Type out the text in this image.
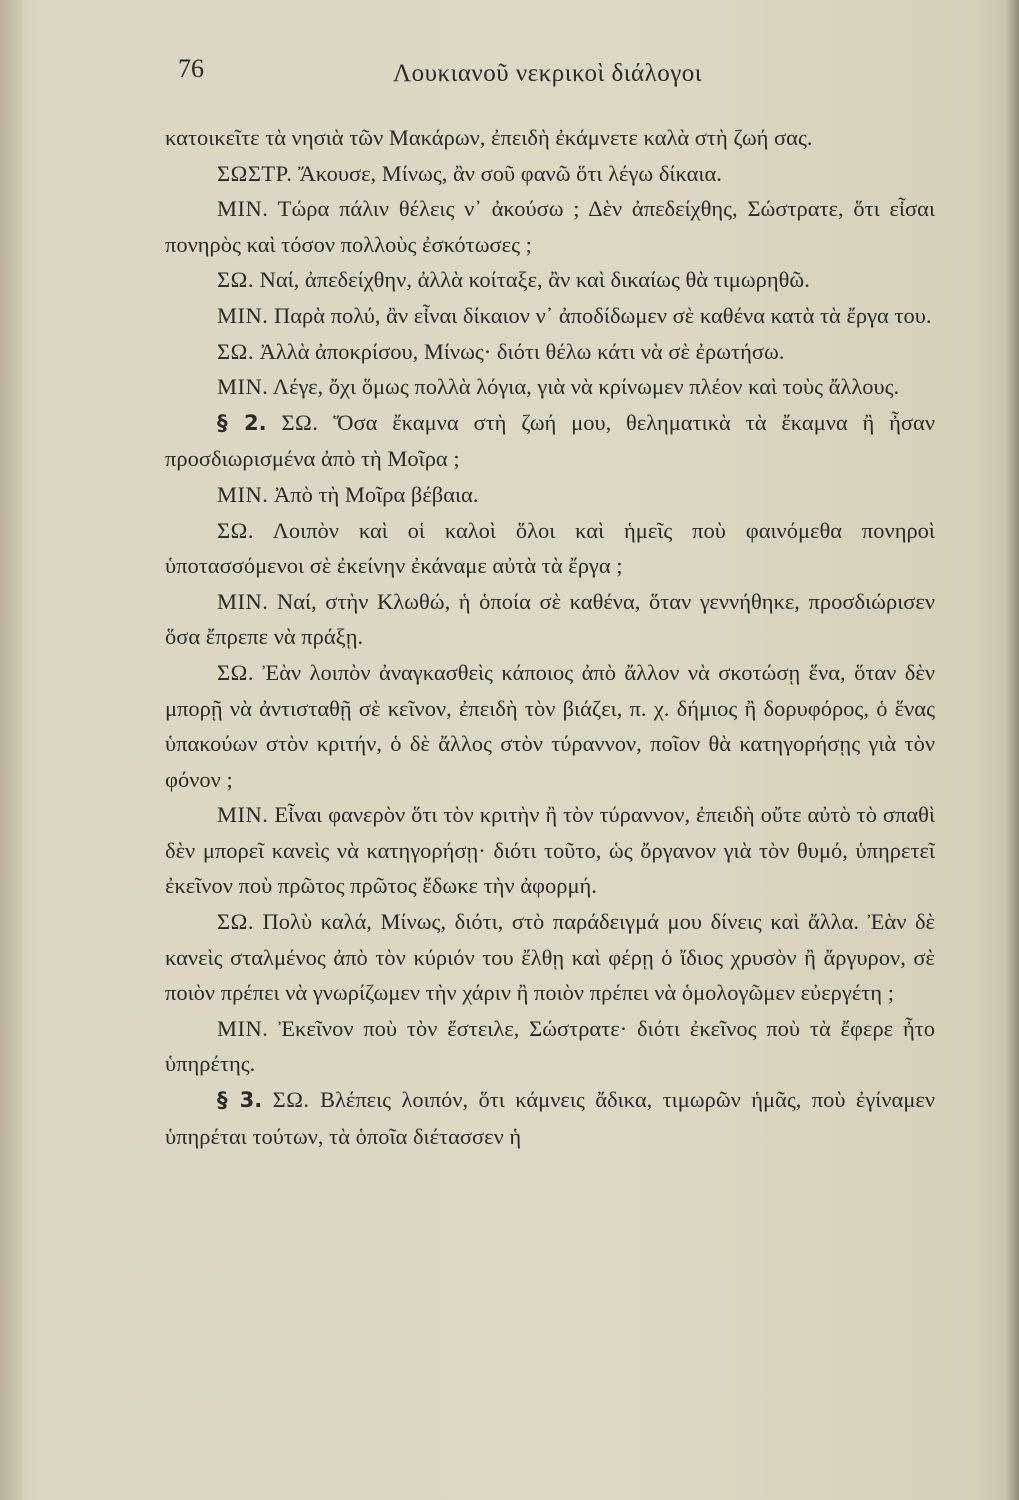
76	Λουκιανοῦ νεκρικοὶ διάλογοι

κατοικεῖτε τὰ νησιὰ τῶν Μακάρων, ἐπειδὴ ἐκάμνετε καλὰ στὴ ζωή σας.

ΣΩΣΤΡ. Ἄκουσε, Μίνως, ἂν σοῦ φανῶ ὅτι λέγω δίκαια.

ΜΙΝ. Τώρα πάλιν θέλεις ν᾽ ἀκούσω ; Δὲν ἀπεδείχθης, Σώστρατε, ὅτι εἶσαι πονηρὸς καὶ τόσον πολλοὺς ἐσκότωσες ;

ΣΩ. Ναί, ἀπεδείχθην, ἀλλὰ κοίταξε, ἂν καὶ δικαίως θὰ τιμωρηθῶ.

ΜΙΝ. Παρὰ πολύ, ἂν εἶναι δίκαιον ν᾽ ἀποδίδωμεν σὲ καθένα κατὰ τὰ ἔργα του.

ΣΩ. Ἀλλὰ ἀποκρίσου, Μίνως· διότι θέλω κάτι νὰ σὲ ἐρωτήσω.

ΜΙΝ. Λέγε, ὄχι ὅμως πολλὰ λόγια, γιὰ νὰ κρίνωμεν πλέον καὶ τοὺς ἄλλους.

§ 2. ΣΩ. Ὅσα ἔκαμνα στὴ ζωή μου, θεληματικὰ τὰ ἔκαμνα ἢ ἦσαν προσδιωρισμένα ἀπὸ τὴ Μοῖρα ;

ΜΙΝ. Ἀπὸ τὴ Μοῖρα βέβαια.

ΣΩ. Λοιπὸν καὶ οἱ καλοὶ ὅλοι καὶ ἡμεῖς ποὺ φαινόμεθα πονηροὶ ὑποτασσόμενοι σὲ ἐκείνην ἐκάναμε αὐτὰ τὰ ἔργα ;

ΜΙΝ. Ναί, στὴν Κλωθώ, ἡ ὁποία σὲ καθένα, ὅταν γεννήθηκε, προσδιώρισεν ὅσα ἔπρεπε νὰ πράξῃ.

ΣΩ. Ἐὰν λοιπὸν ἀναγκασθεὶς κάποιος ἀπὸ ἄλλον νὰ σκοτώσῃ ἕνα, ὅταν δὲν μπορῇ νὰ ἀντισταθῇ σὲ κεῖνον, ἐπειδὴ τὸν βιάζει, π. χ. δήμιος ἢ δορυφόρος, ὁ ἕνας ὑπακούων στὸν κριτήν, ὁ δὲ ἄλλος στὸν τύραννον, ποῖον θὰ κατηγορήσῃς γιὰ τὸν φόνον ;

ΜΙΝ. Εἶναι φανερὸν ὅτι τὸν κριτὴν ἢ τὸν τύραννον, ἐπειδὴ οὔτε αὐτὸ τὸ σπαθὶ δὲν μπορεῖ κανεὶς νὰ κατηγορήσῃ· διότι τοῦτο, ὡς ὄργανον γιὰ τὸν θυμό, ὑπηρετεῖ ἐκεῖνον ποὺ πρῶτος πρῶτος ἔδωκε τὴν ἀφορμή.

ΣΩ. Πολὺ καλά, Μίνως, διότι, στὸ παράδειγμά μου δίνεις καὶ ἄλλα. Ἐὰν δὲ κανεὶς σταλμένος ἀπὸ τὸν κύριόν του ἔλθῃ καὶ φέρῃ ὁ ἴδιος χρυσὸν ἢ ἄργυρον, σὲ ποιὸν πρέπει νὰ γνωρίζωμεν τὴν χάριν ἢ ποιὸν πρέπει νὰ ὁμολογῶμεν εὐεργέτη ;

ΜΙΝ. Ἐκεῖνον ποὺ τὸν ἔστειλε, Σώστρατε· διότι ἐκεῖνος ποὺ τὰ ἔφερε ἦτο ὑπηρέτης.

§ 3. ΣΩ. Βλέπεις λοιπόν, ὅτι κάμνεις ἄδικα, τιμωρῶν ἡμᾶς, ποὺ ἐγίναμεν ὑπηρέται τούτων, τὰ ὁποῖα διέτασσεν ἡ
